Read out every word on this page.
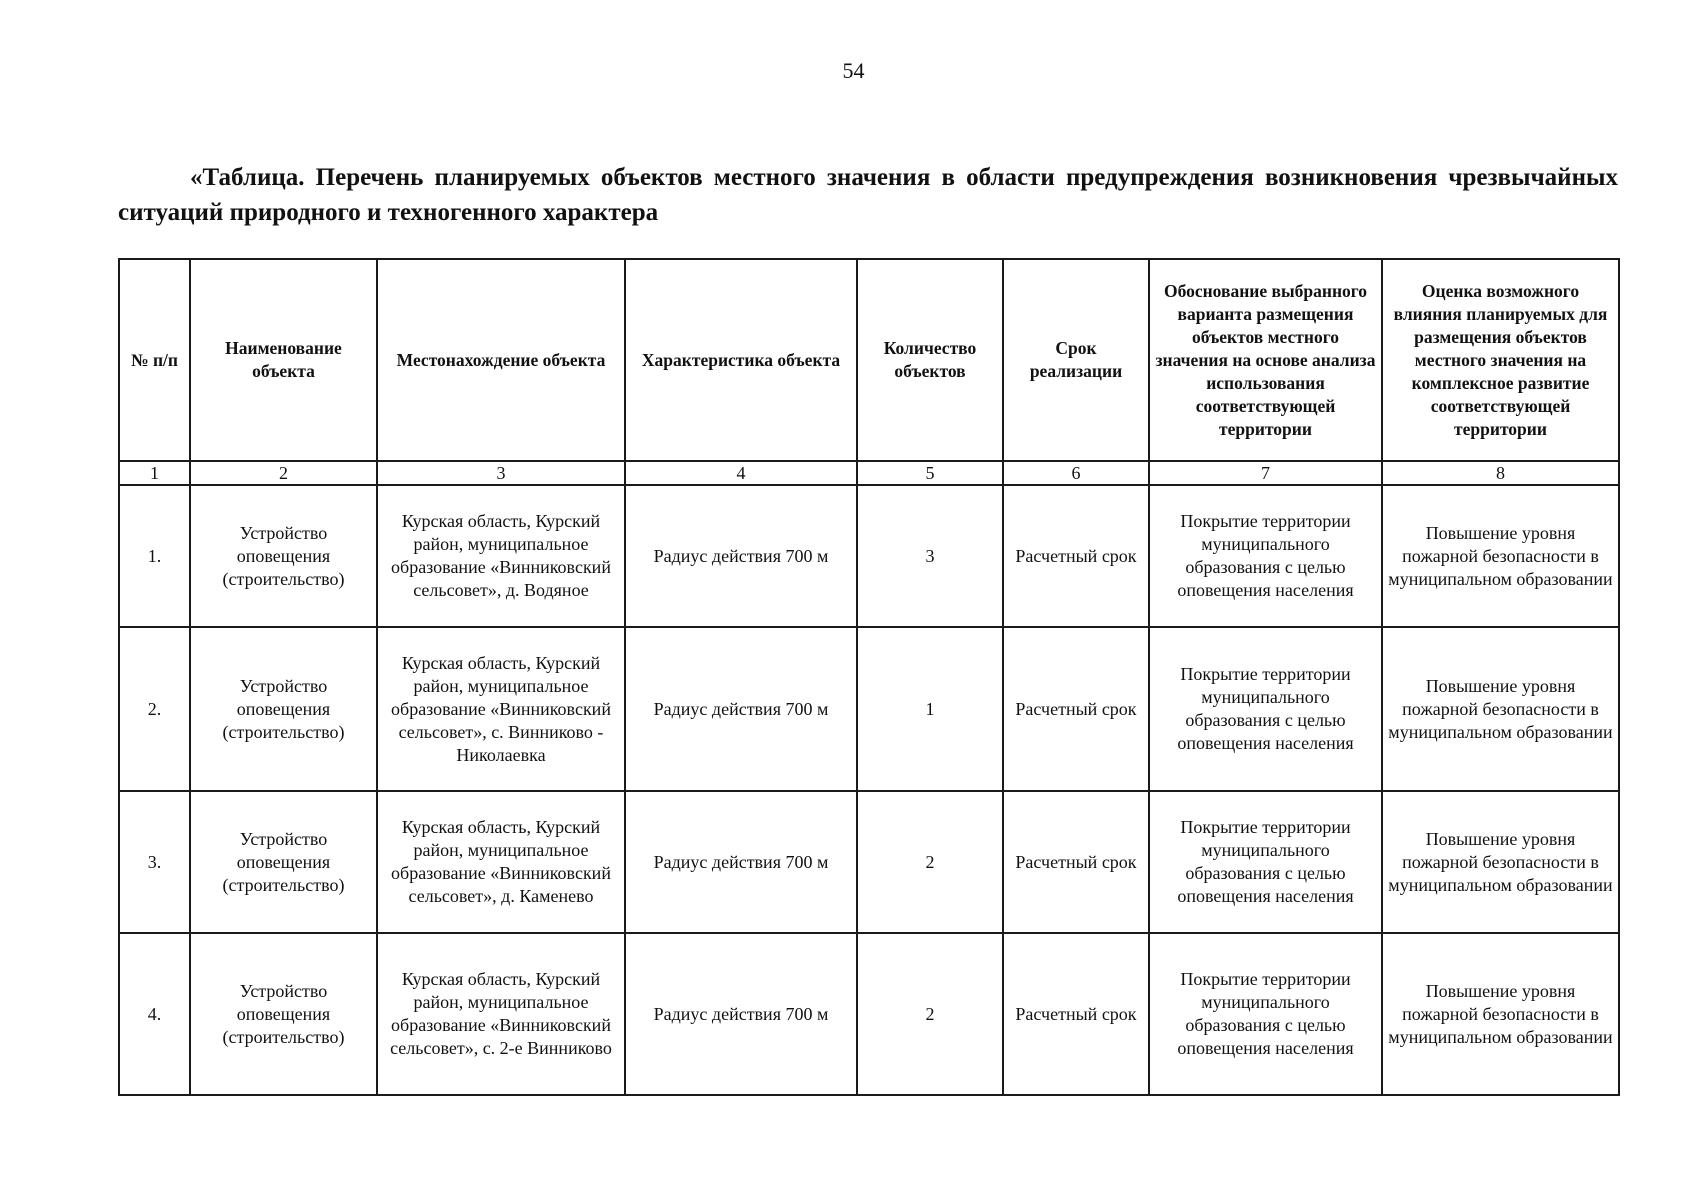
54

«Таблица. Перечень планируемых объектов местного значения в области предупреждения возникновения чрезвычайных ситуаций природного и техногенного характера

№ п/п	Наименование объекта	Местонахождение объекта	Характеристика объекта	Количество объектов	Срок реализации	Обоснование выбранного варианта размещения объектов местного значения на основе анализа использования соответствующей территории	Оценка возможного влияния планируемых для размещения объектов местного значения на комплексное развитие соответствующей территории
1	2	3	4	5	6	7	8
1.	Устройство оповещения (строительство)	Курская область, Курский район, муниципальное образование «Винниковский сельсовет», д. Водяное	Радиус действия 700 м	3	Расчетный срок	Покрытие территории муниципального образования с целью оповещения населения	Повышение уровня пожарной безопасности в муниципальном образовании
2.	Устройство оповещения (строительство)	Курская область, Курский район, муниципальное образование «Винниковский сельсовет», с. Винниково - Николаевка	Радиус действия 700 м	1	Расчетный срок	Покрытие территории муниципального образования с целью оповещения населения	Повышение уровня пожарной безопасности в муниципальном образовании
3.	Устройство оповещения (строительство)	Курская область, Курский район, муниципальное образование «Винниковский сельсовет», д. Каменево	Радиус действия 700 м	2	Расчетный срок	Покрытие территории муниципального образования с целью оповещения населения	Повышение уровня пожарной безопасности в муниципальном образовании
4.	Устройство оповещения (строительство)	Курская область, Курский район, муниципальное образование «Винниковский сельсовет», с. 2-е Винниково	Радиус действия 700 м	2	Расчетный срок	Покрытие территории муниципального образования с целью оповещения населения	Повышение уровня пожарной безопасности в муниципальном образовании
